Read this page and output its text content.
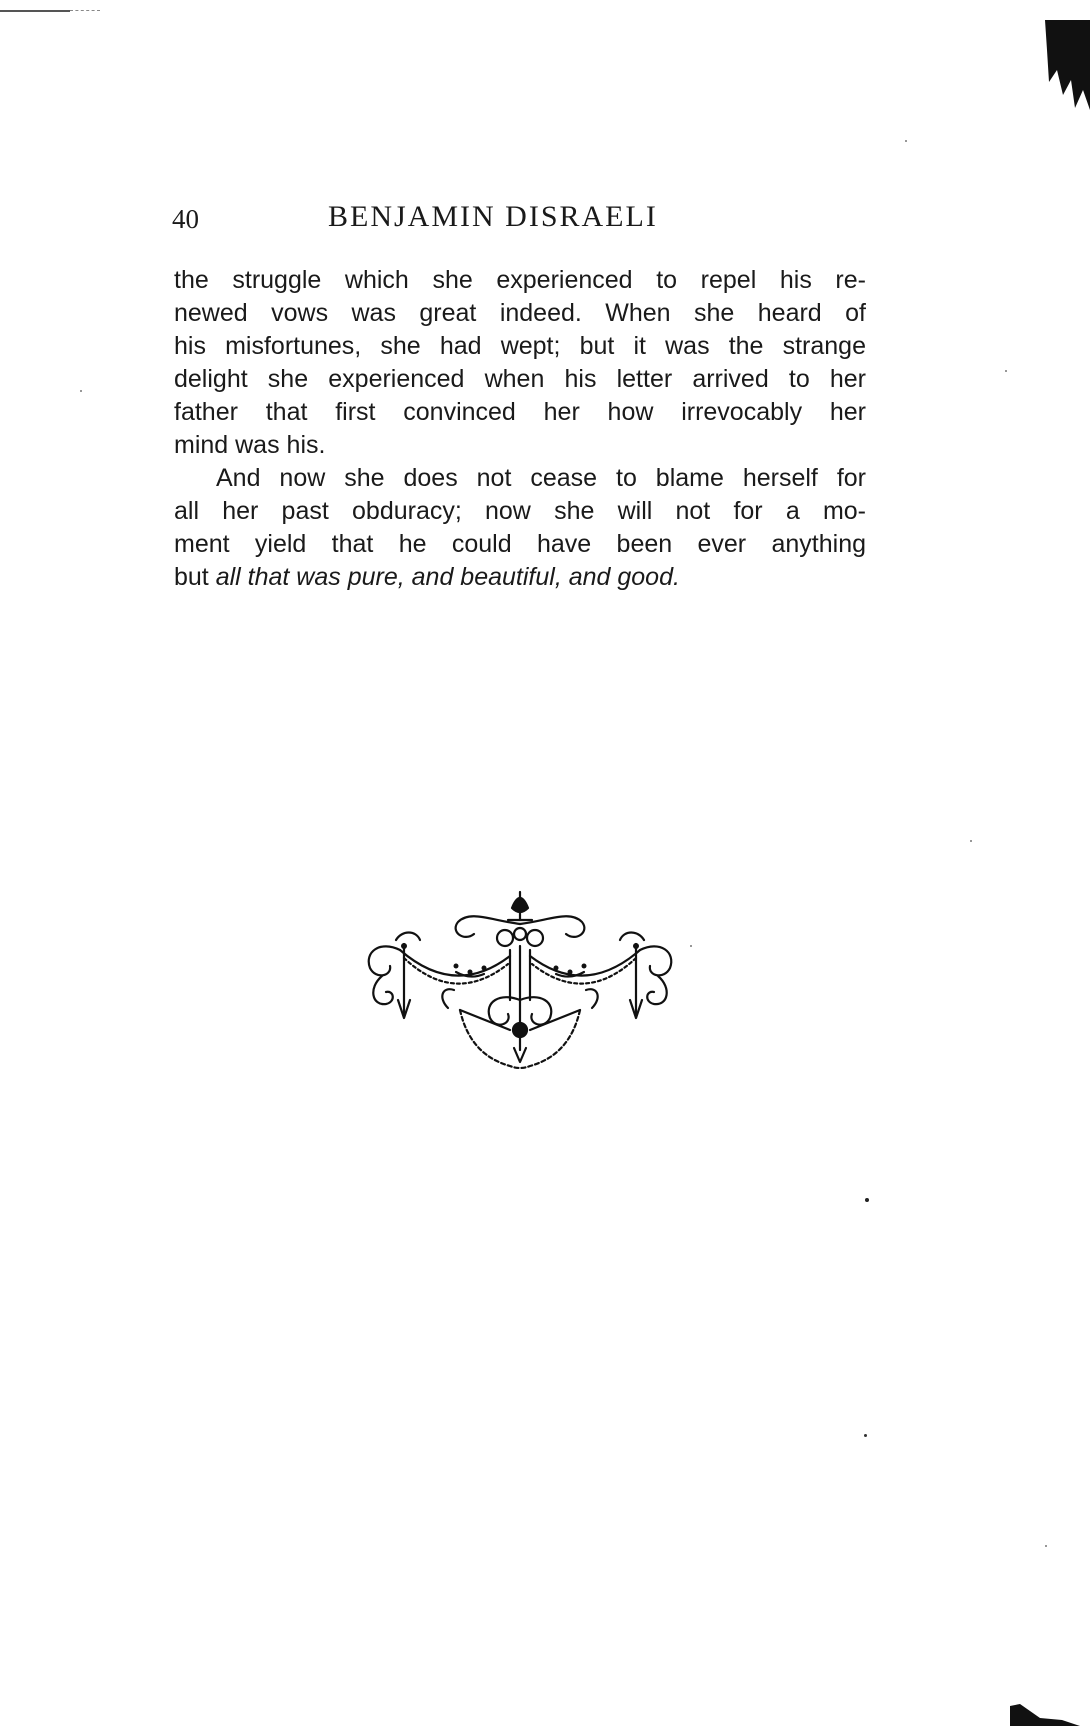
40	BENJAMIN DISRAELI
the struggle which she experienced to repel his re-
newed vows was great indeed. When she heard of
his misfortunes, she had wept; but it was the strange
delight she experienced when his letter arrived to her
father that first convinced her how irrevocably her
mind was his.
And now she does not cease to blame herself for
all her past obduracy; now she will not for a mo-
ment yield that he could have been ever anything
but all that was pure, and beautiful, and good.
